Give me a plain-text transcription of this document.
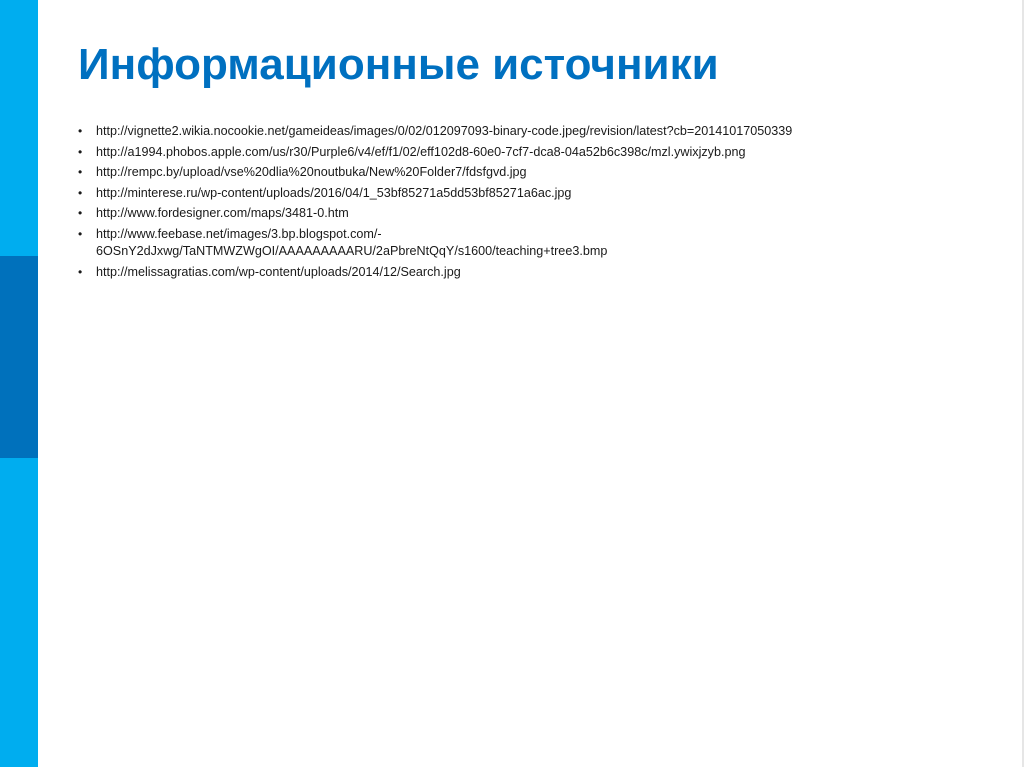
Информационные источники
•	http://vignette2.wikia.nocookie.net/gameideas/images/0/02/012097093-binary-code.jpeg/revision/latest?cb=20141017050339
•	http://a1994.phobos.apple.com/us/r30/Purple6/v4/ef/f1/02/eff102d8-60e0-7cf7-dca8-04a52b6c398c/mzl.ywixjzyb.png
•	http://rempc.by/upload/vse%20dlia%20noutbuka/New%20Folder7/fdsfgvd.jpg
•	http://minterese.ru/wp-content/uploads/2016/04/1_53bf85271a5dd53bf85271a6ac.jpg
•	http://www.fordesigner.com/maps/3481-0.htm
•	http://www.feebase.net/images/3.bp.blogspot.com/-
6OSnY2dJxwg/TaNTMWZWgOI/AAAAAAAAARU/2aPbreNtQqY/s1600/teaching+tree3.bmp
•	http://melissagratias.com/wp-content/uploads/2014/12/Search.jpg
